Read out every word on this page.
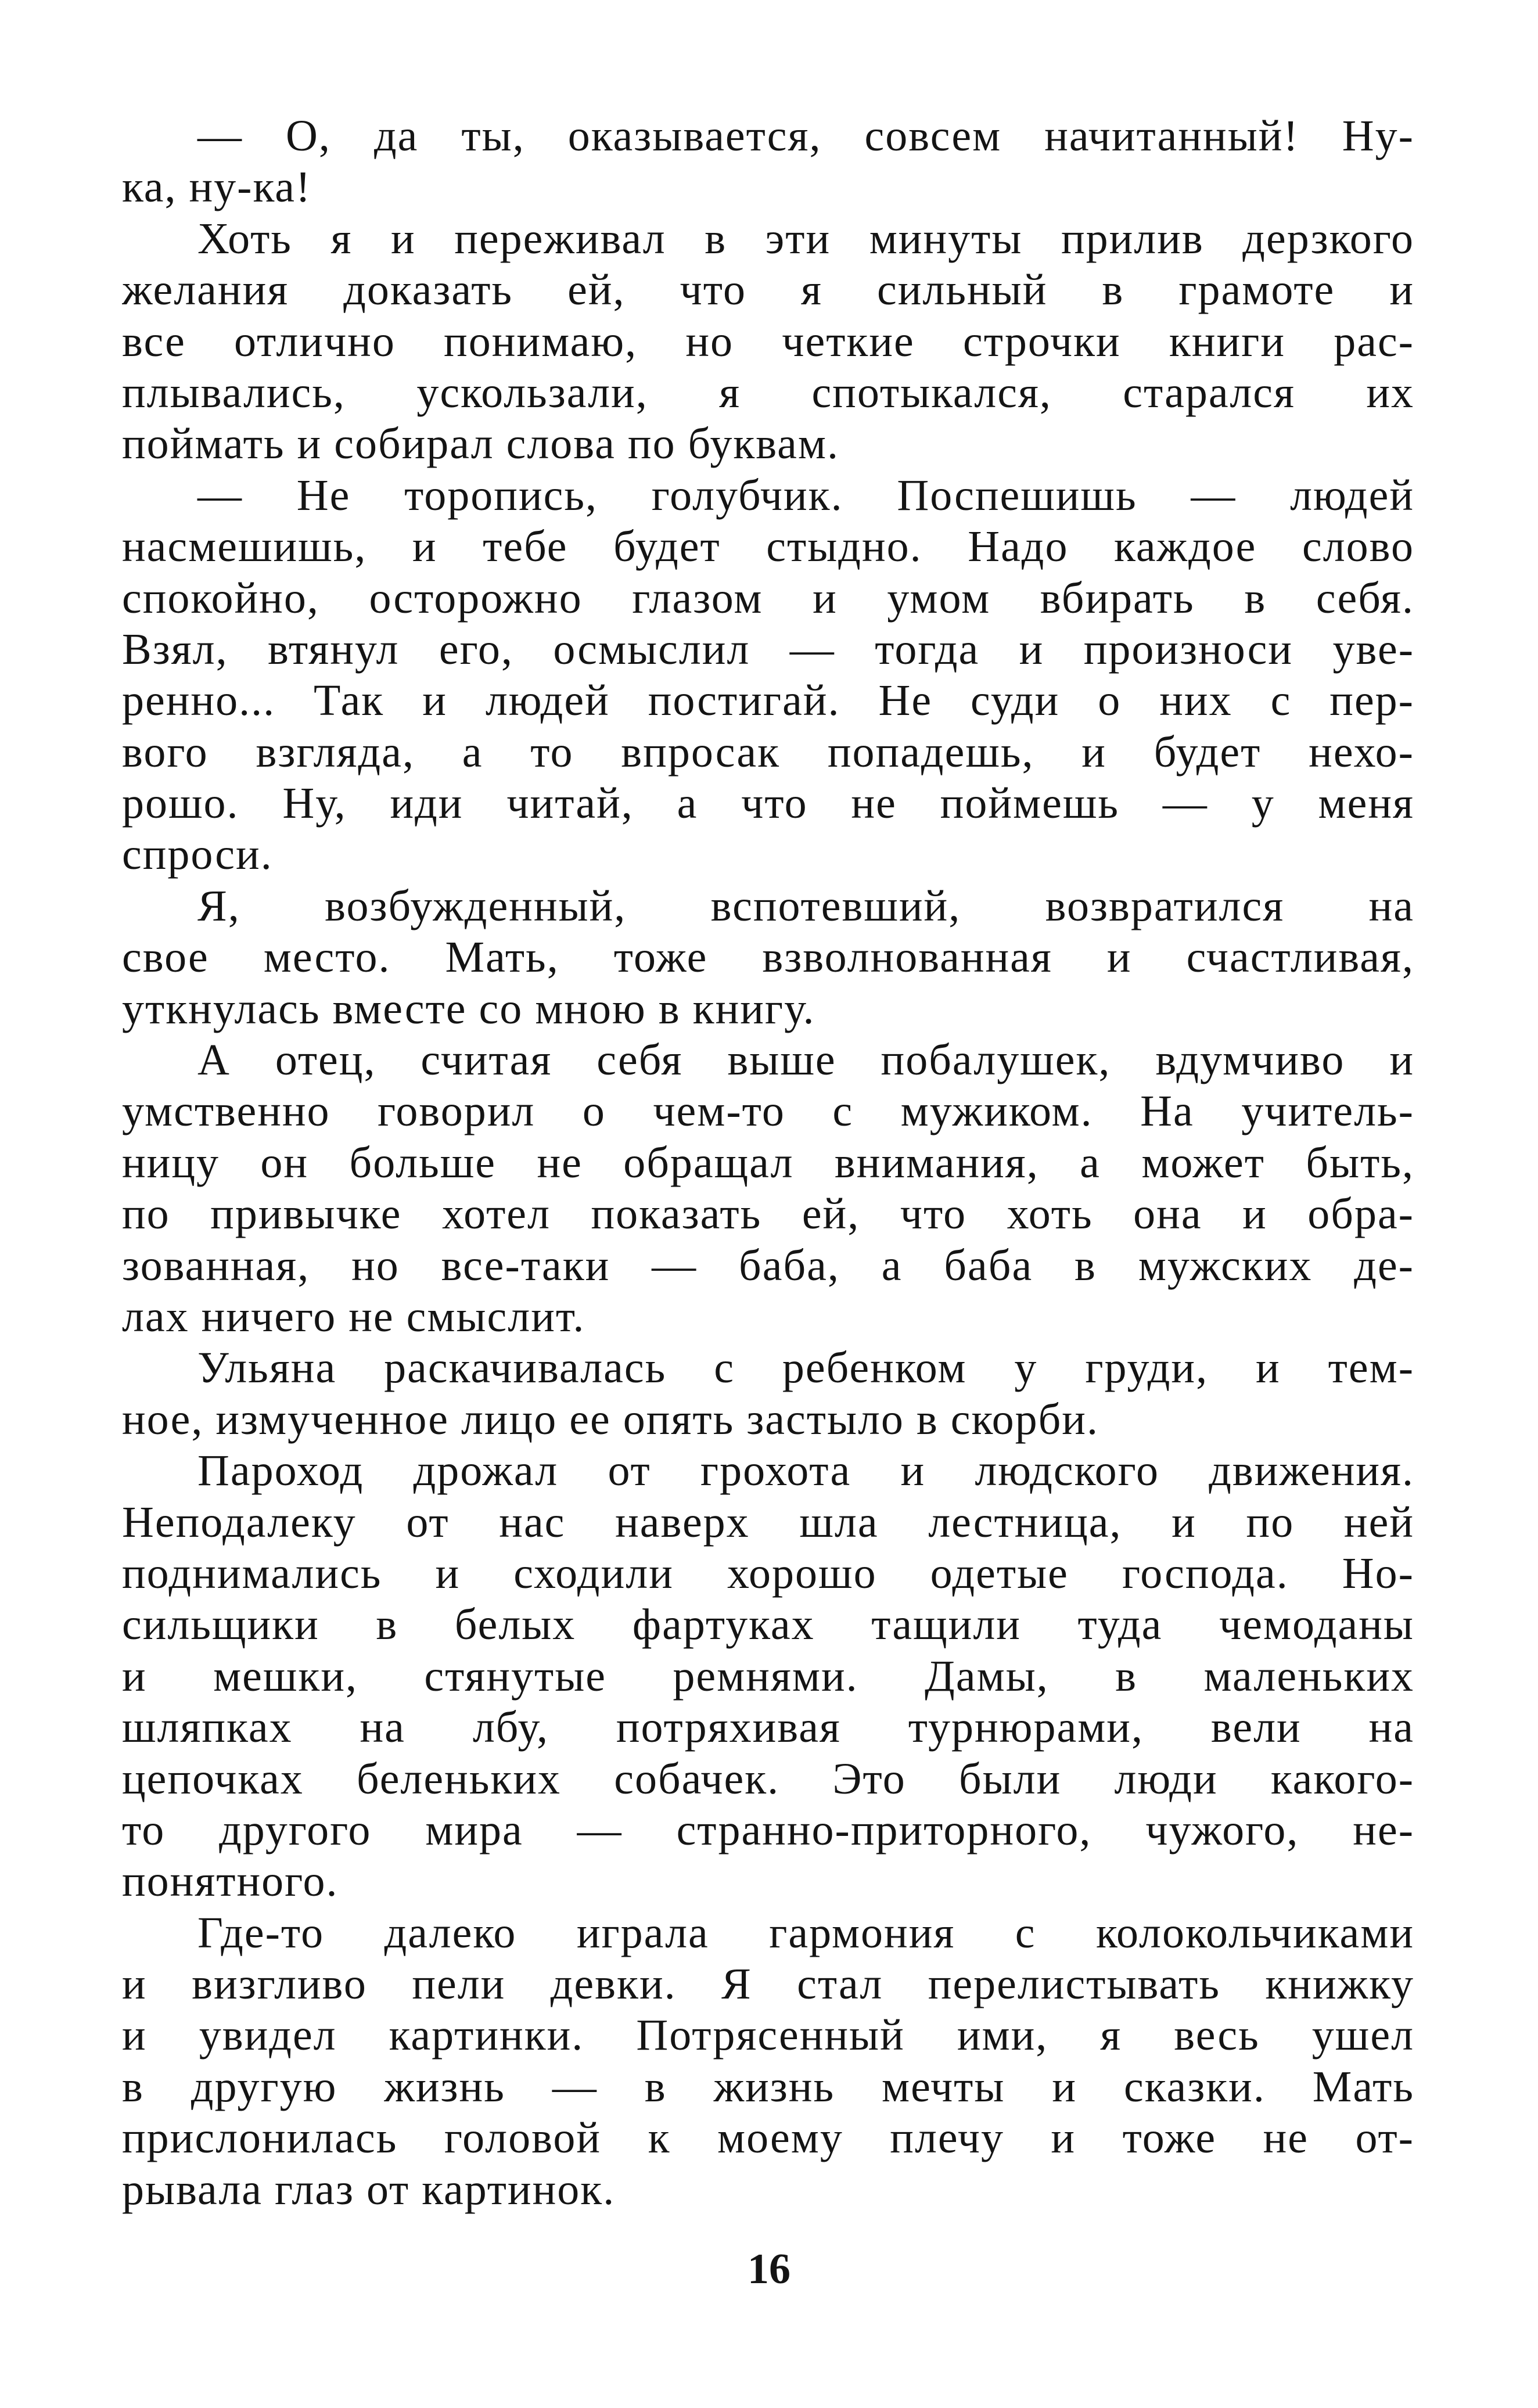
— О, да ты, оказывается, совсем начитанный! Ну-
ка, ну-ка!
Хоть я и переживал в эти минуты прилив дерзкого
желания доказать ей, что я сильный в грамоте и
все отлично понимаю, но четкие строчки книги рас-
плывались, ускользали, я спотыкался, старался их
поймать и собирал слова по буквам.
— Не торопись, голубчик. Поспешишь — людей
насмешишь, и тебе будет стыдно. Надо каждое слово
спокойно, осторожно глазом и умом вбирать в себя.
Взял, втянул его, осмыслил — тогда и произноси уве-
ренно... Так и людей постигай. Не суди о них с пер-
вого взгляда, а то впросак попадешь, и будет нехо-
рошо. Ну, иди читай, а что не поймешь — у меня
спроси.
Я, возбужденный, вспотевший, возвратился на
свое место. Мать, тоже взволнованная и счастливая,
уткнулась вместе со мною в книгу.
А отец, считая себя выше побалушек, вдумчиво и
умственно говорил о чем-то с мужиком. На учитель-
ницу он больше не обращал внимания, а может быть,
по привычке хотел показать ей, что хоть она и обра-
зованная, но все-таки — баба, а баба в мужских де-
лах ничего не смыслит.
Ульяна раскачивалась с ребенком у груди, и тем-
ное, измученное лицо ее опять застыло в скорби.
Пароход дрожал от грохота и людского движения.
Неподалеку от нас наверх шла лестница, и по ней
поднимались и сходили хорошо одетые господа. Но-
сильщики в белых фартуках тащили туда чемоданы
и мешки, стянутые ремнями. Дамы, в маленьких
шляпках на лбу, потряхивая турнюрами, вели на
цепочках беленьких собачек. Это были люди какого-
то другого мира — странно-приторного, чужого, не-
понятного.
Где-то далеко играла гармония с колокольчиками
и визгливо пели девки. Я стал перелистывать книжку
и увидел картинки. Потрясенный ими, я весь ушел
в другую жизнь — в жизнь мечты и сказки. Мать
прислонилась головой к моему плечу и тоже не от-
рывала глаз от картинок.
16
